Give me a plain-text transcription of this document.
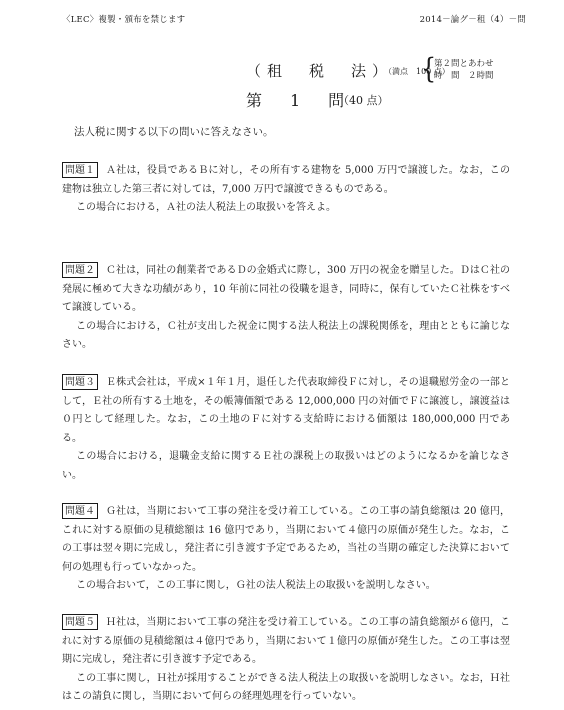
〈LEC〉複製・頒布を禁じます	2014－論グ－租（4）－問
（租　税　法）
（満点　100 点）
{
第２問とあわせ
時　間　２時間
第　1　問
（40 点）
法人税に関する以下の問いに答えなさい。
問題１	Ａ社は，役員であるＢに対し，その所有する建物を 5,000 万円で譲渡した。なお，この建物は独立した第三者に対しては，7,000 万円で譲渡できるものである。

この場合における，Ａ社の法人税法上の取扱いを答えよ。

問題２	Ｃ社は，同社の創業者であるＤの金婚式に際し，300 万円の祝金を贈呈した。ＤはＣ社の発展に極めて大きな功績があり，10 年前に同社の役職を退き，同時に，保有していたＣ社株をすべて譲渡している。

この場合における，Ｃ社が支出した祝金に関する法人税法上の課税関係を，理由とともに論じなさい。

問題３	Ｅ株式会社は，平成×１年１月，退任した代表取締役Ｆに対し，その退職慰労金の一部として，Ｅ社の所有する土地を，その帳簿価額である 12,000,000 円の対価でＦに譲渡し，譲渡益は０円として経理した。なお，この土地のＦに対する支給時における価額は 180,000,000 円である。

この場合における，退職金支給に関するＥ社の課税上の取扱いはどのようになるかを論じなさい。

問題４	Ｇ社は，当期において工事の発注を受け着工している。この工事の請負総額は 20 億円，これに対する原価の見積総額は 16 億円であり，当期において４億円の原価が発生した。なお，この工事は翌々期に完成し，発注者に引き渡す予定であるため，当社の当期の確定した決算において何の処理も行っていなかった。

この場合おいて，この工事に関し，Ｇ社の法人税法上の取扱いを説明しなさい。

問題５	Ｈ社は，当期において工事の発注を受け着工している。この工事の請負総額が６億円，これに対する原価の見積総額は４億円であり，当期において１億円の原価が発生した。この工事は翌期に完成し，発注者に引き渡す予定である。

この工事に関し，Ｈ社が採用することができる法人税法上の取扱いを説明しなさい。なお，Ｈ社はこの請負に関し，当期において何らの経理処理を行っていない。
